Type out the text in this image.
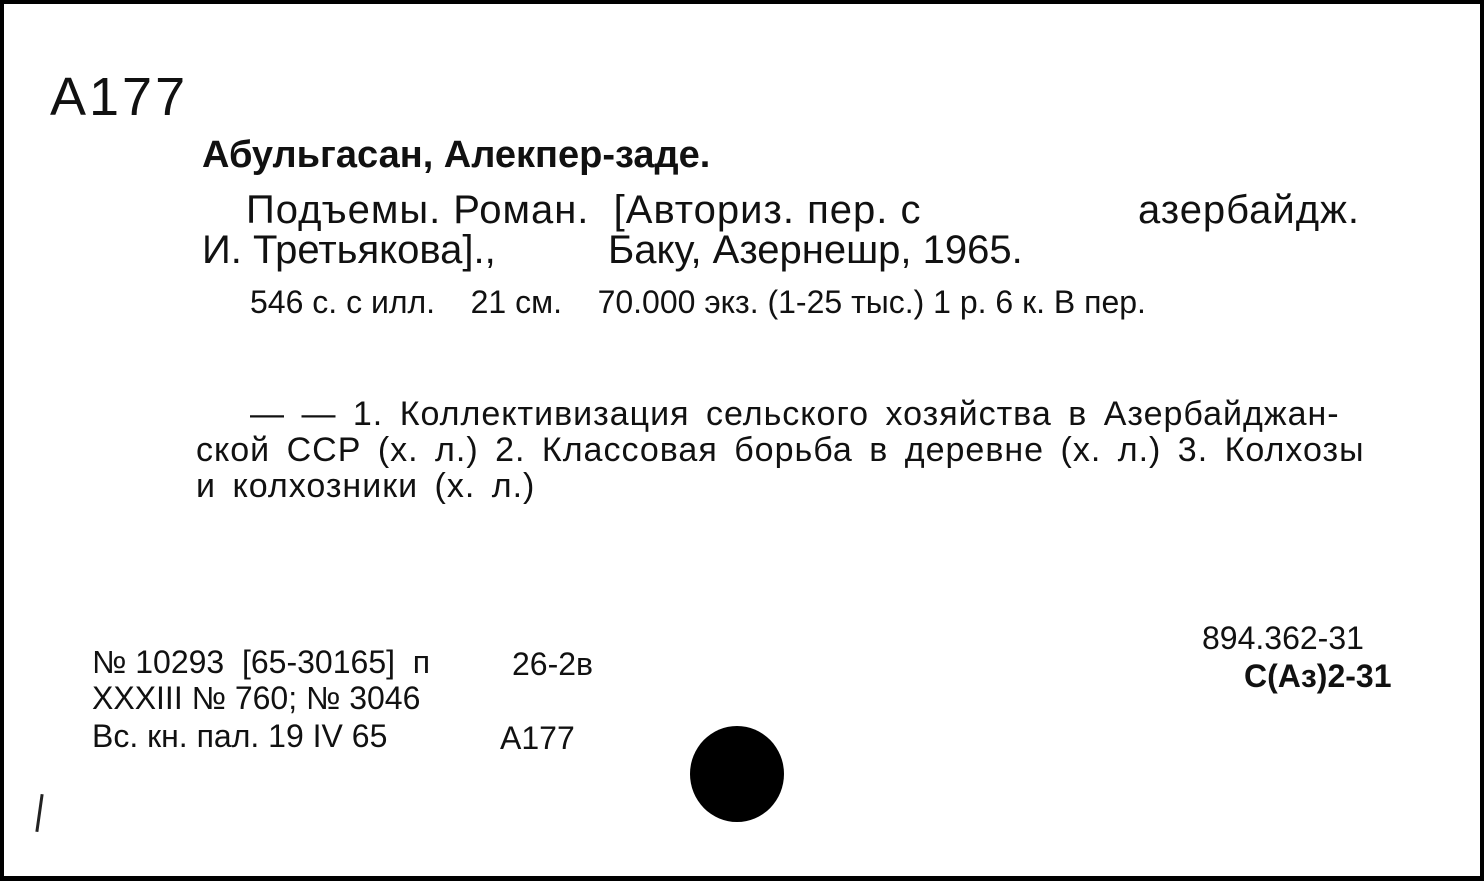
A177
Абульгасан, Алекпер-заде.
Подъемы. Роман.  [Авториз. пер. с	азербайдж.
И. Третьякова].,	Баку, Азернешр, 1965.
546 с. с илл.    21 см.    70.000 экз. (1-25 тыс.) 1 р. 6 к. В пер.
— — 1. Коллективизация сельского хозяйства в Азербайджан-
ской ССР (х. л.) 2. Классовая борьба в деревне (х. л.) 3. Колхозы
и колхозники (х. л.)
№ 10293  [65-30165]  п
XXXIII № 760; № 3046
Вс. кн. пал. 19 IV 65
26-2в
А177
894.362-31
С(Аз)2-31
